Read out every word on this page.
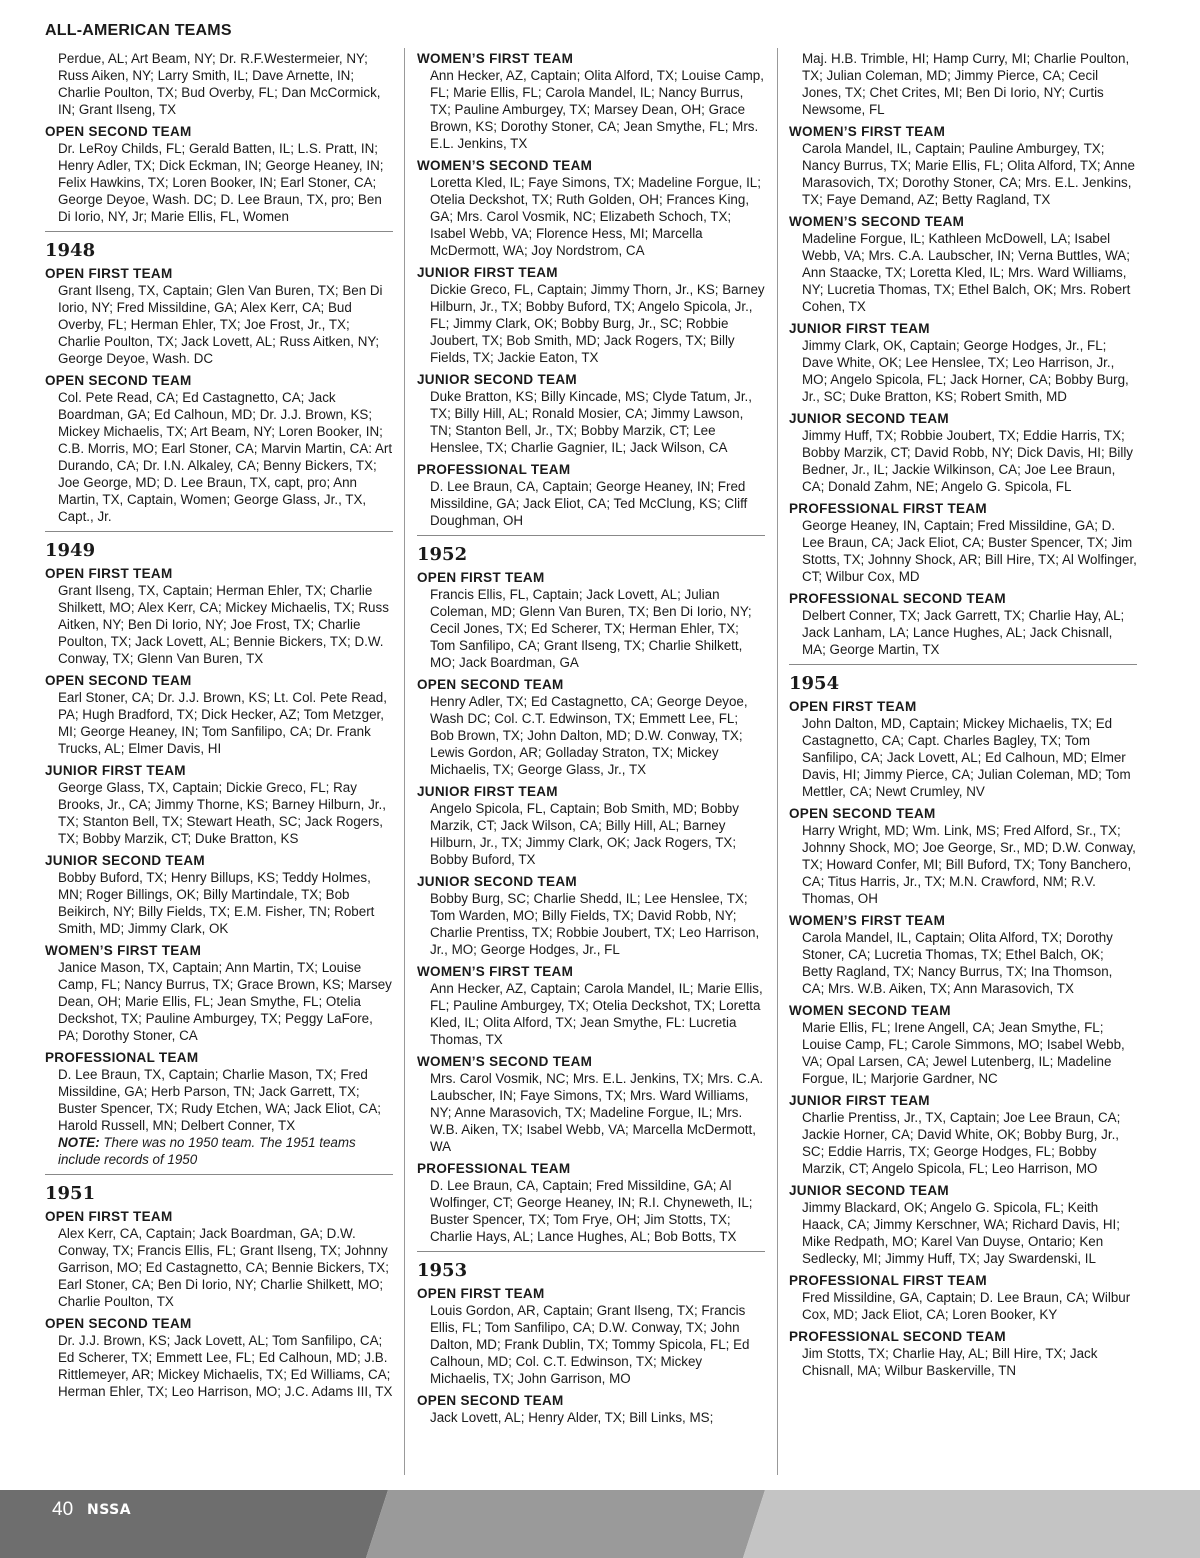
ALL-AMERICAN TEAMS
Perdue, AL; Art Beam, NY; Dr. R.F.Westermeier, NY; Russ Aiken, NY; Larry Smith, IL; Dave Arnette, IN; Charlie Poulton, TX; Bud Overby, FL; Dan McCormick, IN; Grant Ilseng, TX
OPEN SECOND TEAM
Dr. LeRoy Childs, FL; Gerald Batten, IL; L.S. Pratt, IN; Henry Adler, TX; Dick Eckman, IN; George Heaney, IN; Felix Hawkins, TX; Loren Booker, IN; Earl Stoner, CA; George Deyoe, Wash. DC; D. Lee Braun, TX, pro; Ben Di Iorio, NY, Jr; Marie Ellis, FL, Women
1948
OPEN FIRST TEAM
Grant Ilseng, TX, Captain; Glen Van Buren, TX; Ben Di Iorio, NY; Fred Missildine, GA; Alex Kerr, CA; Bud Overby, FL; Herman Ehler, TX; Joe Frost, Jr., TX; Charlie Poulton, TX; Jack Lovett, AL; Russ Aitken, NY; George Deyoe, Wash. DC
OPEN SECOND TEAM
Col. Pete Read, CA; Ed Castagnetto, CA; Jack Boardman, GA; Ed Calhoun, MD; Dr. J.J. Brown, KS; Mickey Michaelis, TX; Art Beam, NY; Loren Booker, IN; C.B. Morris, MO; Earl Stoner, CA; Marvin Martin, CA: Art Durando, CA; Dr. I.N. Alkaley, CA; Benny Bickers, TX; Joe George, MD; D. Lee Braun, TX, capt, pro; Ann Martin, TX, Captain, Women; George Glass, Jr., TX, Capt., Jr.
1949
OPEN FIRST TEAM
Grant Ilseng, TX, Captain; Herman Ehler, TX; Charlie Shilkett, MO; Alex Kerr, CA; Mickey Michaelis, TX; Russ Aitken, NY; Ben Di Iorio, NY; Joe Frost, TX; Charlie Poulton, TX; Jack Lovett, AL; Bennie Bickers, TX; D.W. Conway, TX; Glenn Van Buren, TX
OPEN SECOND TEAM
Earl Stoner, CA; Dr. J.J. Brown, KS; Lt. Col. Pete Read, PA; Hugh Bradford, TX; Dick Hecker, AZ; Tom Metzger, MI; George Heaney, IN; Tom Sanfilipo, CA; Dr. Frank Trucks, AL; Elmer Davis, HI
JUNIOR FIRST TEAM
George Glass, TX, Captain; Dickie Greco, FL; Ray Brooks, Jr., CA; Jimmy Thorne, KS; Barney Hilburn, Jr., TX; Stanton Bell, TX; Stewart Heath, SC; Jack Rogers, TX; Bobby Marzik, CT; Duke Bratton, KS
JUNIOR SECOND TEAM
Bobby Buford, TX; Henry Billups, KS; Teddy Holmes, MN; Roger Billings, OK; Billy Martindale, TX; Bob Beikirch, NY; Billy Fields, TX; E.M. Fisher, TN; Robert Smith, MD; Jimmy Clark, OK
WOMEN’S FIRST TEAM
Janice Mason, TX, Captain; Ann Martin, TX; Louise Camp, FL; Nancy Burrus, TX; Grace Brown, KS; Marsey Dean, OH; Marie Ellis, FL; Jean Smythe, FL; Otelia Deckshot, TX; Pauline Amburgey, TX; Peggy LaFore, PA; Dorothy Stoner, CA
PROFESSIONAL TEAM
D. Lee Braun, TX, Captain; Charlie Mason, TX; Fred Missildine, GA; Herb Parson, TN; Jack Garrett, TX; Buster Spencer, TX; Rudy Etchen, WA; Jack Eliot, CA; Harold Russell, MN; Delbert Conner, TX
NOTE: There was no 1950 team. The 1951 teams include records of 1950
1951
OPEN FIRST TEAM
Alex Kerr, CA, Captain; Jack Boardman, GA; D.W. Conway, TX; Francis Ellis, FL; Grant Ilseng, TX; Johnny Garrison, MO; Ed Castagnetto, CA; Bennie Bickers, TX; Earl Stoner, CA; Ben Di Iorio, NY; Charlie Shilkett, MO; Charlie Poulton, TX
OPEN SECOND TEAM
Dr. J.J. Brown, KS; Jack Lovett, AL; Tom Sanfilipo, CA; Ed Scherer, TX; Emmett Lee, FL; Ed Calhoun, MD; J.B. Rittlemeyer, AR; Mickey Michaelis, TX; Ed Williams, CA; Herman Ehler, TX; Leo Harrison, MO; J.C. Adams III, TX
WOMEN’S FIRST TEAM
Ann Hecker, AZ, Captain; Olita Alford, TX; Louise Camp, FL; Marie Ellis, FL; Carola Mandel, IL; Nancy Burrus, TX; Pauline Amburgey, TX; Marsey Dean, OH; Grace Brown, KS; Dorothy Stoner, CA; Jean Smythe, FL; Mrs. E.L. Jenkins, TX
WOMEN’S SECOND TEAM
Loretta Kled, IL; Faye Simons, TX; Madeline Forgue, IL; Otelia Deckshot, TX; Ruth Golden, OH; Frances King, GA; Mrs. Carol Vosmik, NC; Elizabeth Schoch, TX; Isabel Webb, VA; Florence Hess, MI; Marcella McDermott, WA; Joy Nordstrom, CA
JUNIOR FIRST TEAM
Dickie Greco, FL, Captain; Jimmy Thorn, Jr., KS; Barney Hilburn, Jr., TX; Bobby Buford, TX; Angelo Spicola, Jr., FL; Jimmy Clark, OK; Bobby Burg, Jr., SC; Robbie Joubert, TX; Bob Smith, MD; Jack Rogers, TX; Billy Fields, TX; Jackie Eaton, TX
JUNIOR SECOND TEAM
Duke Bratton, KS; Billy Kincade, MS; Clyde Tatum, Jr., TX; Billy Hill, AL; Ronald Mosier, CA; Jimmy Lawson, TN; Stanton Bell, Jr., TX; Bobby Marzik, CT; Lee Henslee, TX; Charlie Gagnier, IL; Jack Wilson, CA
PROFESSIONAL TEAM
D. Lee Braun, CA, Captain; George Heaney, IN; Fred Missildine, GA; Jack Eliot, CA; Ted McClung, KS; Cliff Doughman, OH
1952
OPEN FIRST TEAM
Francis Ellis, FL, Captain; Jack Lovett, AL; Julian Coleman, MD; Glenn Van Buren, TX; Ben Di Iorio, NY; Cecil Jones, TX; Ed Scherer, TX; Herman Ehler, TX; Tom Sanfilipo, CA; Grant Ilseng, TX; Charlie Shilkett, MO; Jack Boardman, GA
OPEN SECOND TEAM
Henry Adler, TX; Ed Castagnetto, CA; George Deyoe, Wash DC; Col. C.T. Edwinson, TX; Emmett Lee, FL; Bob Brown, TX; John Dalton, MD; D.W. Conway, TX; Lewis Gordon, AR; Golladay Straton, TX; Mickey Michaelis, TX; George Glass, Jr., TX
JUNIOR FIRST TEAM
Angelo Spicola, FL, Captain; Bob Smith, MD; Bobby Marzik, CT; Jack Wilson, CA; Billy Hill, AL; Barney Hilburn, Jr., TX; Jimmy Clark, OK; Jack Rogers, TX; Bobby Buford, TX
JUNIOR SECOND TEAM
Bobby Burg, SC; Charlie Shedd, IL; Lee Henslee, TX; Tom Warden, MO; Billy Fields, TX; David Robb, NY; Charlie Prentiss, TX; Robbie Joubert, TX; Leo Harrison, Jr., MO; George Hodges, Jr., FL
WOMEN’S FIRST TEAM
Ann Hecker, AZ, Captain; Carola Mandel, IL; Marie Ellis, FL; Pauline Amburgey, TX; Otelia Deckshot, TX; Loretta Kled, IL; Olita Alford, TX; Jean Smythe, FL: Lucretia Thomas, TX
WOMEN’S SECOND TEAM
Mrs. Carol Vosmik, NC; Mrs. E.L. Jenkins, TX; Mrs. C.A. Laubscher, IN; Faye Simons, TX; Mrs. Ward Williams, NY; Anne Marasovich, TX; Madeline Forgue, IL; Mrs. W.B. Aiken, TX; Isabel Webb, VA; Marcella McDermott, WA
PROFESSIONAL TEAM
D. Lee Braun, CA, Captain; Fred Missildine, GA; Al Wolfinger, CT; George Heaney, IN; R.I. Chyneweth, IL; Buster Spencer, TX; Tom Frye, OH; Jim Stotts, TX; Charlie Hays, AL; Lance Hughes, AL; Bob Botts, TX
1953
OPEN FIRST TEAM
Louis Gordon, AR, Captain; Grant Ilseng, TX; Francis Ellis, FL; Tom Sanfilipo, CA; D.W. Conway, TX; John Dalton, MD; Frank Dublin, TX; Tommy Spicola, FL; Ed Calhoun, MD; Col. C.T. Edwinson, TX; Mickey Michaelis, TX; John Garrison, MO
OPEN SECOND TEAM
Jack Lovett, AL; Henry Alder, TX; Bill Links, MS;
Maj. H.B. Trimble, HI; Hamp Curry, MI; Charlie Poulton, TX; Julian Coleman, MD; Jimmy Pierce, CA; Cecil Jones, TX; Chet Crites, MI; Ben Di Iorio, NY; Curtis Newsome, FL
WOMEN’S FIRST TEAM
Carola Mandel, IL, Captain; Pauline Amburgey, TX; Nancy Burrus, TX; Marie Ellis, FL; Olita Alford, TX; Anne Marasovich, TX; Dorothy Stoner, CA; Mrs. E.L. Jenkins, TX; Faye Demand, AZ; Betty Ragland, TX
WOMEN’S SECOND TEAM
Madeline Forgue, IL; Kathleen McDowell, LA; Isabel Webb, VA; Mrs. C.A. Laubscher, IN; Verna Buttles, WA; Ann Staacke, TX; Loretta Kled, IL; Mrs. Ward Williams, NY; Lucretia Thomas, TX; Ethel Balch, OK; Mrs. Robert Cohen, TX
JUNIOR FIRST TEAM
Jimmy Clark, OK, Captain; George Hodges, Jr., FL; Dave White, OK; Lee Henslee, TX; Leo Harrison, Jr., MO; Angelo Spicola, FL; Jack Horner, CA; Bobby Burg, Jr., SC; Duke Bratton, KS; Robert Smith, MD
JUNIOR SECOND TEAM
Jimmy Huff, TX; Robbie Joubert, TX; Eddie Harris, TX; Bobby Marzik, CT; David Robb, NY; Dick Davis, HI; Billy Bedner, Jr., IL; Jackie Wilkinson, CA; Joe Lee Braun, CA; Donald Zahm, NE; Angelo G. Spicola, FL
PROFESSIONAL FIRST TEAM
George Heaney, IN, Captain; Fred Missildine, GA; D. Lee Braun, CA; Jack Eliot, CA; Buster Spencer, TX; Jim Stotts, TX; Johnny Shock, AR; Bill Hire, TX; Al Wolfinger, CT; Wilbur Cox, MD
PROFESSIONAL SECOND TEAM
Delbert Conner, TX; Jack Garrett, TX; Charlie Hay, AL; Jack Lanham, LA; Lance Hughes, AL; Jack Chisnall, MA; George Martin, TX
1954
OPEN FIRST TEAM
John Dalton, MD, Captain; Mickey Michaelis, TX; Ed Castagnetto, CA; Capt. Charles Bagley, TX; Tom Sanfilipo, CA; Jack Lovett, AL; Ed Calhoun, MD; Elmer Davis, HI; Jimmy Pierce, CA; Julian Coleman, MD; Tom Mettler, CA; Newt Crumley, NV
OPEN SECOND TEAM
Harry Wright, MD; Wm. Link, MS; Fred Alford, Sr., TX; Johnny Shock, MO; Joe George, Sr., MD; D.W. Conway, TX; Howard Confer, MI; Bill Buford, TX; Tony Banchero, CA; Titus Harris, Jr., TX; M.N. Crawford, NM; R.V. Thomas, OH
WOMEN’S FIRST TEAM
Carola Mandel, IL, Captain; Olita Alford, TX; Dorothy Stoner, CA; Lucretia Thomas, TX; Ethel Balch, OK; Betty Ragland, TX; Nancy Burrus, TX; Ina Thomson, CA; Mrs. W.B. Aiken, TX; Ann Marasovich, TX
WOMEN SECOND TEAM
Marie Ellis, FL; Irene Angell, CA; Jean Smythe, FL; Louise Camp, FL; Carole Simmons, MO; Isabel Webb, VA; Opal Larsen, CA; Jewel Lutenberg, IL; Madeline Forgue, IL; Marjorie Gardner, NC
JUNIOR FIRST TEAM
Charlie Prentiss, Jr., TX, Captain; Joe Lee Braun, CA; Jackie Horner, CA; David White, OK; Bobby Burg, Jr., SC; Eddie Harris, TX; George Hodges, FL; Bobby Marzik, CT; Angelo Spicola, FL; Leo Harrison, MO
JUNIOR SECOND TEAM
Jimmy Blackard, OK; Angelo G. Spicola, FL; Keith Haack, CA; Jimmy Kerschner, WA; Richard Davis, HI; Mike Redpath, MO; Karel Van Duyse, Ontario; Ken Sedlecky, MI; Jimmy Huff, TX; Jay Swardenski, IL
PROFESSIONAL FIRST TEAM
Fred Missildine, GA, Captain; D. Lee Braun, CA; Wilbur Cox, MD; Jack Eliot, CA; Loren Booker, KY
PROFESSIONAL SECOND TEAM
Jim Stotts, TX; Charlie Hay, AL; Bill Hire, TX; Jack Chisnall, MA; Wilbur Baskerville, TN
40 NSSA
